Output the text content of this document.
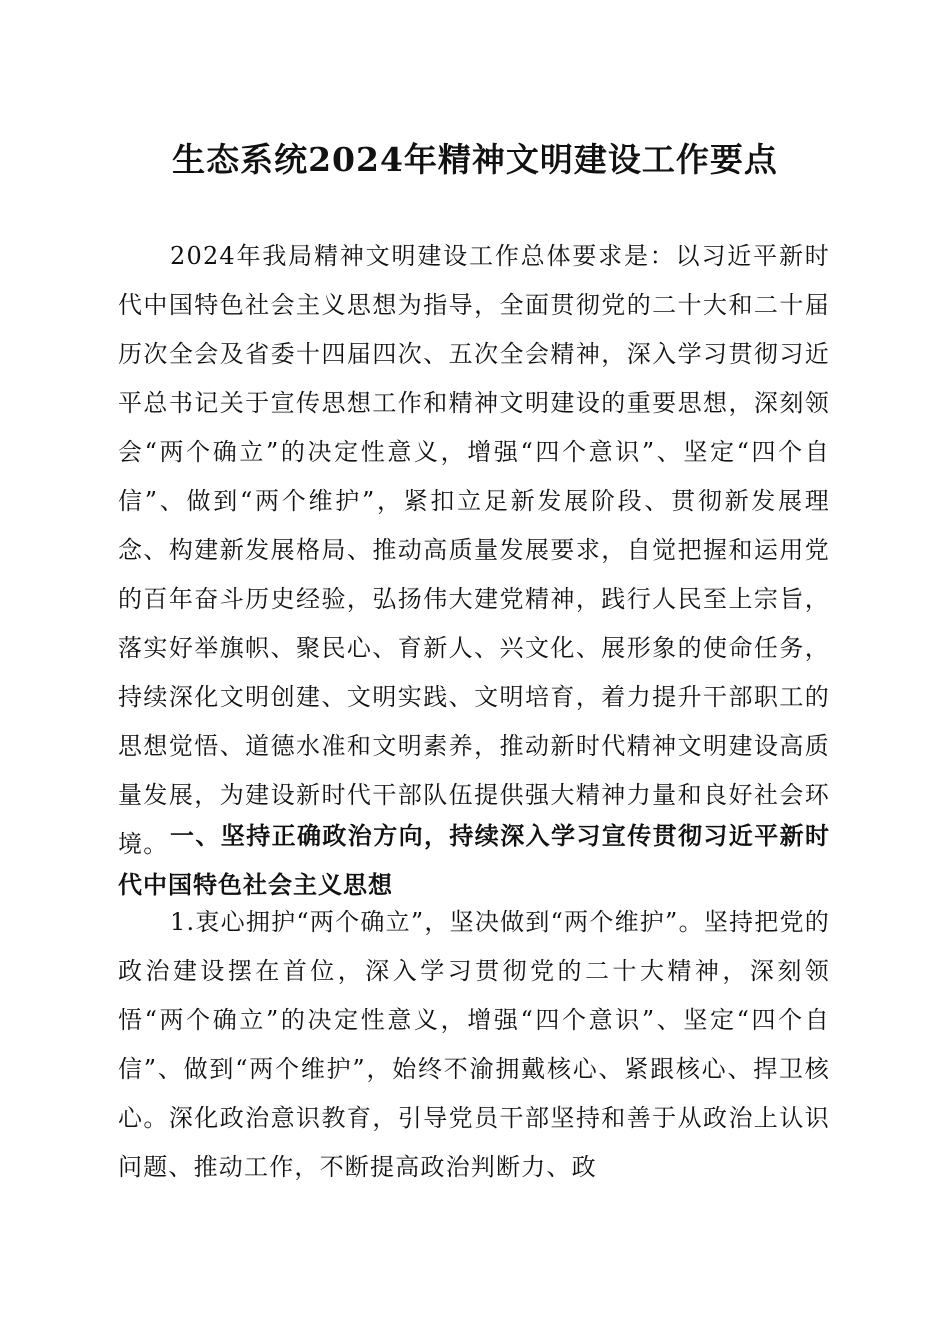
生态系统2024年精神文明建设工作要点

2024年我局精神文明建设工作总体要求是：以习近平新时代中国特色社会主义思想为指导，全面贯彻党的二十大和二十届历次全会及省委十四届四次、五次全会精神，深入学习贯彻习近平总书记关于宣传思想工作和精神文明建设的重要思想，深刻领会“两个确立”的决定性意义，增强“四个意识”、坚定“四个自信”、做到“两个维护”，紧扣立足新发展阶段、贯彻新发展理念、构建新发展格局、推动高质量发展要求，自觉把握和运用党的百年奋斗历史经验，弘扬伟大建党精神，践行人民至上宗旨，落实好举旗帜、聚民心、育新人、兴文化、展形象的使命任务，持续深化文明创建、文明实践、文明培育，着力提升干部职工的思想觉悟、道德水准和文明素养，推动新时代精神文明建设高质量发展，为建设新时代干部队伍提供强大精神力量和良好社会环境。 一、坚持正确政治方向，持续深入学习宣传贯彻习近平新时代中国特色社会主义思想

1.衷心拥护“两个确立”，坚决做到“两个维护”。坚持把党的政治建设摆在首位，深入学习贯彻党的二十大精神，深刻领悟“两个确立”的决定性意义，增强“四个意识”、坚定“四个自信”、做到“两个维护”，始终不渝拥戴核心、紧跟核心、捍卫核心。深化政治意识教育，引导党员干部坚持和善于从政治上认识问题、推动工作，不断提高政治判断力、政
